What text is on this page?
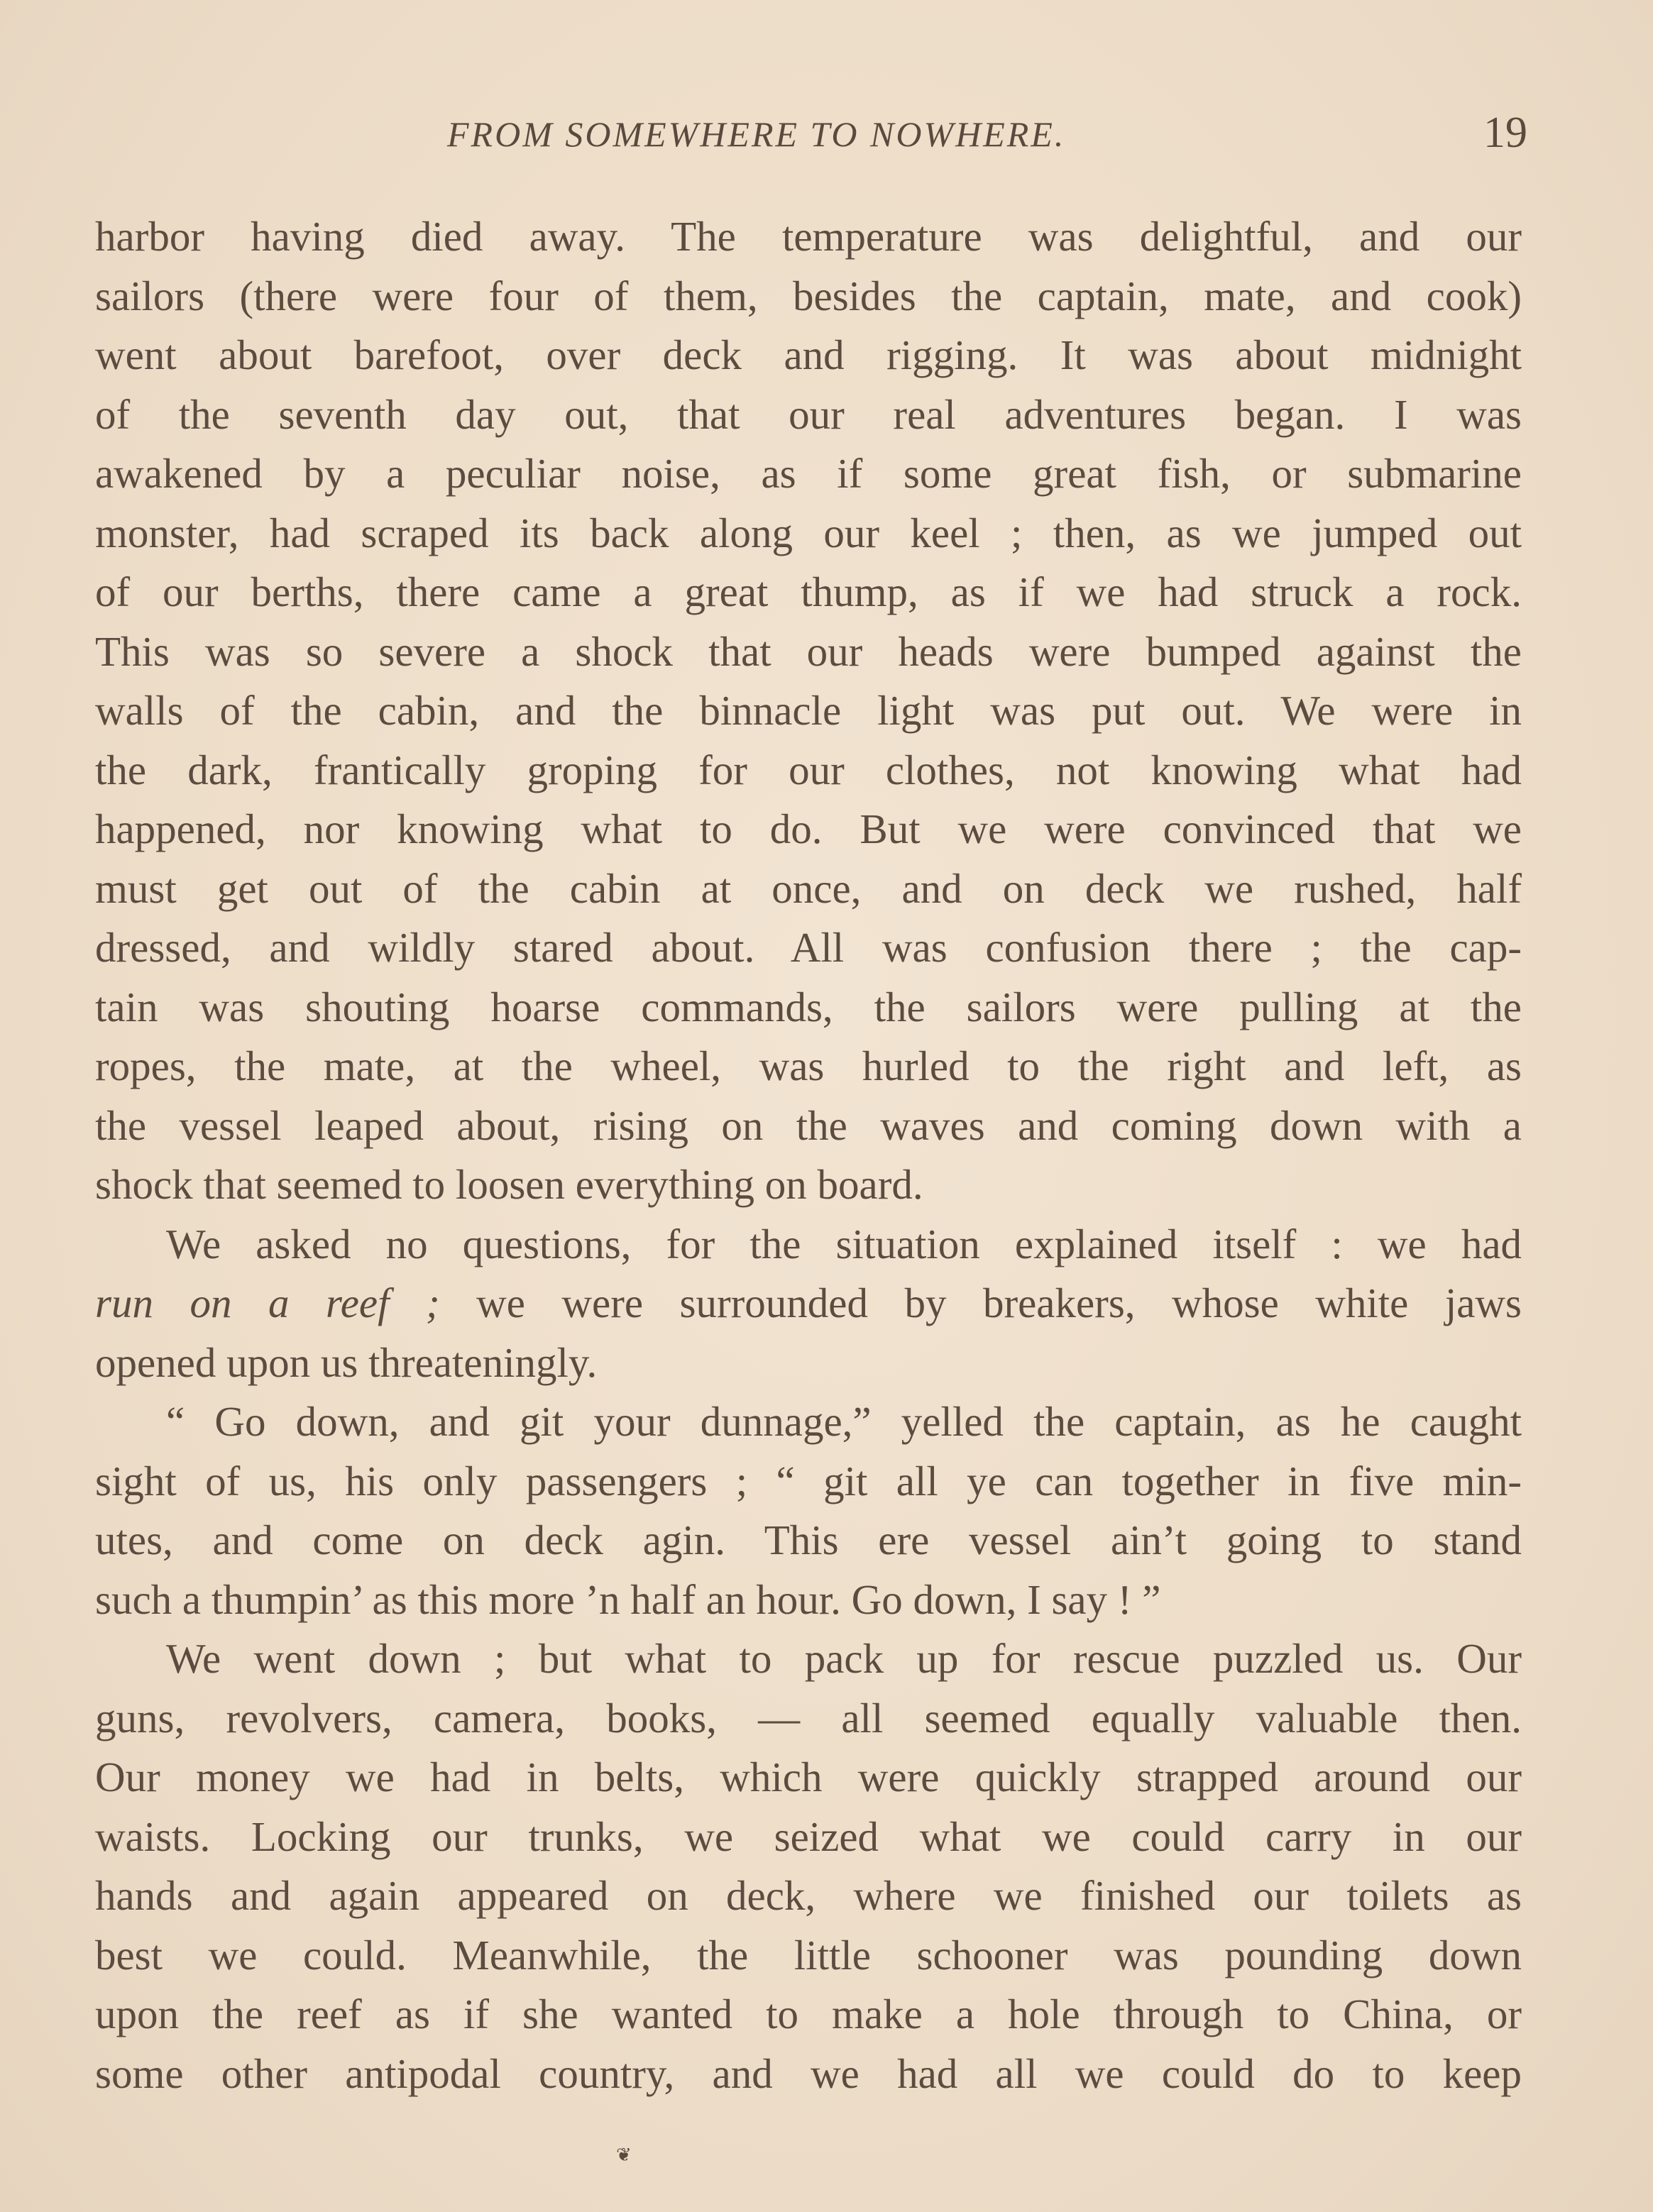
FROM SOMEWHERE TO NOWHERE.	19
harbor having died away. The temperature was delightful, and our
sailors (there were four of them, besides the captain, mate, and cook)
went about barefoot, over deck and rigging. It was about midnight
of the seventh day out, that our real adventures began. I was
awakened by a peculiar noise, as if some great fish, or submarine
monster, had scraped its back along our keel ; then, as we jumped out
of our berths, there came a great thump, as if we had struck a rock.
This was so severe a shock that our heads were bumped against the
walls of the cabin, and the binnacle light was put out. We were in
the dark, frantically groping for our clothes, not knowing what had
happened, nor knowing what to do. But we were convinced that we
must get out of the cabin at once, and on deck we rushed, half
dressed, and wildly stared about. All was confusion there ; the cap-
tain was shouting hoarse commands, the sailors were pulling at the
ropes, the mate, at the wheel, was hurled to the right and left, as
the vessel leaped about, rising on the waves and coming down with a
shock that seemed to loosen everything on board.
We asked no questions, for the situation explained itself : we had
run on a reef ; we were surrounded by breakers, whose white jaws
opened upon us threateningly.
“ Go down, and git your dunnage,” yelled the captain, as he caught
sight of us, his only passengers ; “ git all ye can together in five min-
utes, and come on deck agin. This ere vessel ain’t going to stand
such a thumpin’ as this more ’n half an hour. Go down, I say ! ”
We went down ; but what to pack up for rescue puzzled us. Our
guns, revolvers, camera, books, — all seemed equally valuable then.
Our money we had in belts, which were quickly strapped around our
waists. Locking our trunks, we seized what we could carry in our
hands and again appeared on deck, where we finished our toilets as
best we could. Meanwhile, the little schooner was pounding down
upon the reef as if she wanted to make a hole through to China, or
some other antipodal country, and we had all we could do to keep
❦
